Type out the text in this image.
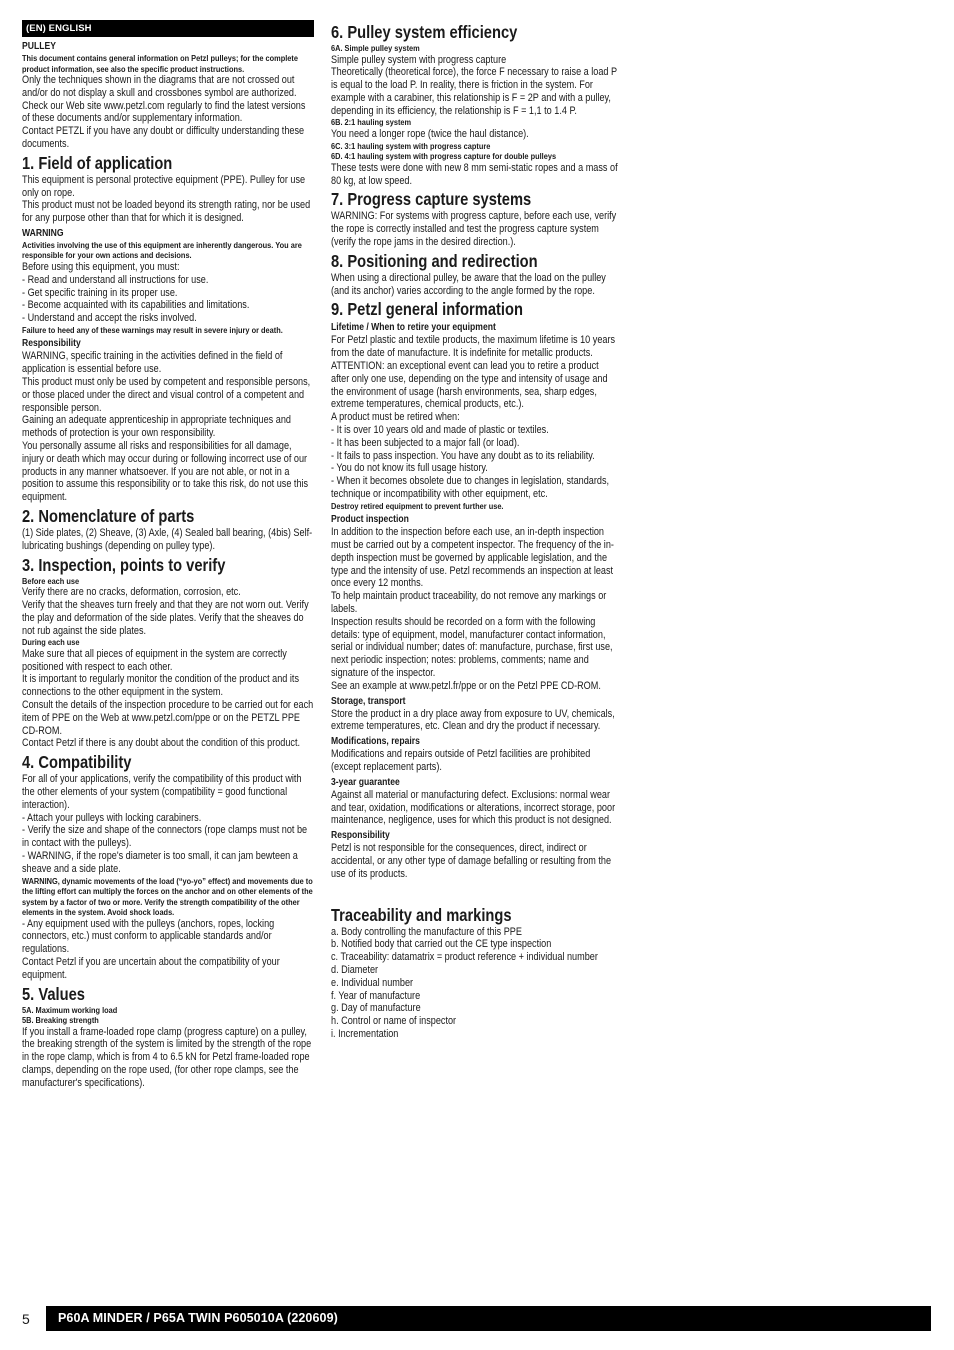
(EN) ENGLISH
PULLEY
This document contains general information on Petzl pulleys; for the complete product information, see also the specific product instructions.
Only the techniques shown in the diagrams that are not crossed out and/or do not display a skull and crossbones symbol are authorized. Check our Web site www.petzl.com regularly to find the latest versions of these documents and/or supplementary information.
Contact PETZL if you have any doubt or difficulty understanding these documents.
1. Field of application
This equipment is personal protective equipment (PPE). Pulley for use only on rope.
This product must not be loaded beyond its strength rating, nor be used for any purpose other than that for which it is designed.
WARNING
Activities involving the use of this equipment are inherently dangerous. You are responsible for your own actions and decisions.
Before using this equipment, you must:
- Read and understand all instructions for use.
- Get specific training in its proper use.
- Become acquainted with its capabilities and limitations.
- Understand and accept the risks involved.
Failure to heed any of these warnings may result in severe injury or death.
Responsibility
WARNING, specific training in the activities defined in the field of application is essential before use.
This product must only be used by competent and responsible persons, or those placed under the direct and visual control of a competent and responsible person.
Gaining an adequate apprenticeship in appropriate techniques and methods of protection is your own responsibility.
You personally assume all risks and responsibilities for all damage, injury or death which may occur during or following incorrect use of our products in any manner whatsoever. If you are not able, or not in a position to assume this responsibility or to take this risk, do not use this equipment.
2. Nomenclature of parts
(1) Side plates, (2) Sheave, (3) Axle, (4) Sealed ball bearing, (4bis) Self-lubricating bushings (depending on pulley type).
3. Inspection, points to verify
Before each use
Verify there are no cracks, deformation, corrosion, etc.
Verify that the sheaves turn freely and that they are not worn out. Verify the play and deformation of the side plates. Verify that the sheaves do not rub against the side plates.
During each use
Make sure that all pieces of equipment in the system are correctly positioned with respect to each other.
It is important to regularly monitor the condition of the product and its connections to the other equipment in the system.
Consult the details of the inspection procedure to be carried out for each item of PPE on the Web at www.petzl.com/ppe or on the PETZL PPE CD-ROM.
Contact Petzl if there is any doubt about the condition of this product.
4. Compatibility
For all of your applications, verify the compatibility of this product with the other elements of your system (compatibility = good functional interaction).
- Attach your pulleys with locking carabiners.
- Verify the size and shape of the connectors (rope clamps must not be in contact with the pulleys).
- WARNING, if the rope's diameter is too small, it can jam bewteen a sheave and a side plate.
WARNING, dynamic movements of the load (“yo-yo” effect) and movements due to the lifting effort can multiply the forces on the anchor and on other elements of the system by a factor of two or more. Verify the strength compatibility of the other elements in the system. Avoid shock loads.
- Any equipment used with the pulleys (anchors, ropes, locking connectors, etc.) must conform to applicable standards and/or regulations.
Contact Petzl if you are uncertain about the compatibility of your equipment.
5. Values
5A. Maximum working load
5B. Breaking strength
If you install a frame-loaded rope clamp (progress capture) on a pulley, the breaking strength of the system is limited by the strength of the rope in the rope clamp, which is from 4 to 6.5 kN for Petzl frame-loaded rope clamps, depending on the rope used, (for other rope clamps, see the manufacturer's specifications).
6. Pulley system efficiency
6A. Simple pulley system
Simple pulley system with progress capture
Theoretically (theoretical force), the force F necessary to raise a load P is equal to the load P. In reality, there is friction in the system. For example with a carabiner, this relationship is F = 2P and with a pulley, depending in its efficiency, the relationship is F = 1,1 to 1.4 P.
6B. 2:1 hauling system
You need a longer rope (twice the haul distance).
6C. 3:1 hauling system with progress capture
6D. 4:1 hauling system with progress capture for double pulleys
These tests were done with new 8 mm semi-static ropes and a mass of 80 kg, at low speed.
7. Progress capture systems
WARNING: For systems with progress capture, before each use, verify the rope is correctly installed and test the progress capture system (verify the rope jams in the desired direction.).
8. Positioning and redirection
When using a directional pulley, be aware that the load on the pulley (and its anchor) varies according to the angle formed by the rope.
9. Petzl general information
Lifetime / When to retire your equipment
For Petzl plastic and textile products, the maximum lifetime is 10 years from the date of manufacture. It is indefinite for metallic products.
ATTENTION: an exceptional event can lead you to retire a product after only one use, depending on the type and intensity of usage and the environment of usage (harsh environments, sea, sharp edges, extreme temperatures, chemical products, etc.).
A product must be retired when:
- It is over 10 years old and made of plastic or textiles.
- It has been subjected to a major fall (or load).
- It fails to pass inspection. You have any doubt as to its reliability.
- You do not know its full usage history.
- When it becomes obsolete due to changes in legislation, standards, technique or incompatibility with other equipment, etc.
Destroy retired equipment to prevent further use.
Product inspection
In addition to the inspection before each use, an in-depth inspection must be carried out by a competent inspector. The frequency of the in-depth inspection must be governed by applicable legislation, and the type and the intensity of use. Petzl recommends an inspection at least once every 12 months.
To help maintain product traceability, do not remove any markings or labels.
Inspection results should be recorded on a form with the following details: type of equipment, model, manufacturer contact information, serial or individual number; dates of: manufacture, purchase, first use, next periodic inspection; notes: problems, comments; name and signature of the inspector.
See an example at www.petzl.fr/ppe or on the Petzl PPE CD-ROM.
Storage, transport
Store the product in a dry place away from exposure to UV, chemicals, extreme temperatures, etc. Clean and dry the product if necessary.
Modifications, repairs
Modifications and repairs outside of Petzl facilities are prohibited (except replacement parts).
3-year guarantee
Against all material or manufacturing defect. Exclusions: normal wear and tear, oxidation, modifications or alterations, incorrect storage, poor maintenance, negligence, uses for which this product is not designed.
Responsibility
Petzl is not responsible for the consequences, direct, indirect or accidental, or any other type of damage befalling or resulting from the use of its products.
Traceability and markings
a. Body controlling the manufacture of this PPE
b. Notified body that carried out the CE type inspection
c. Traceability: datamatrix = product reference + individual number
d. Diameter
e. Individual number
f. Year of manufacture
g. Day of manufacture
h. Control or name of inspector
i. Incrementation
5	P60A MINDER / P65A TWIN P605010A (220609)
